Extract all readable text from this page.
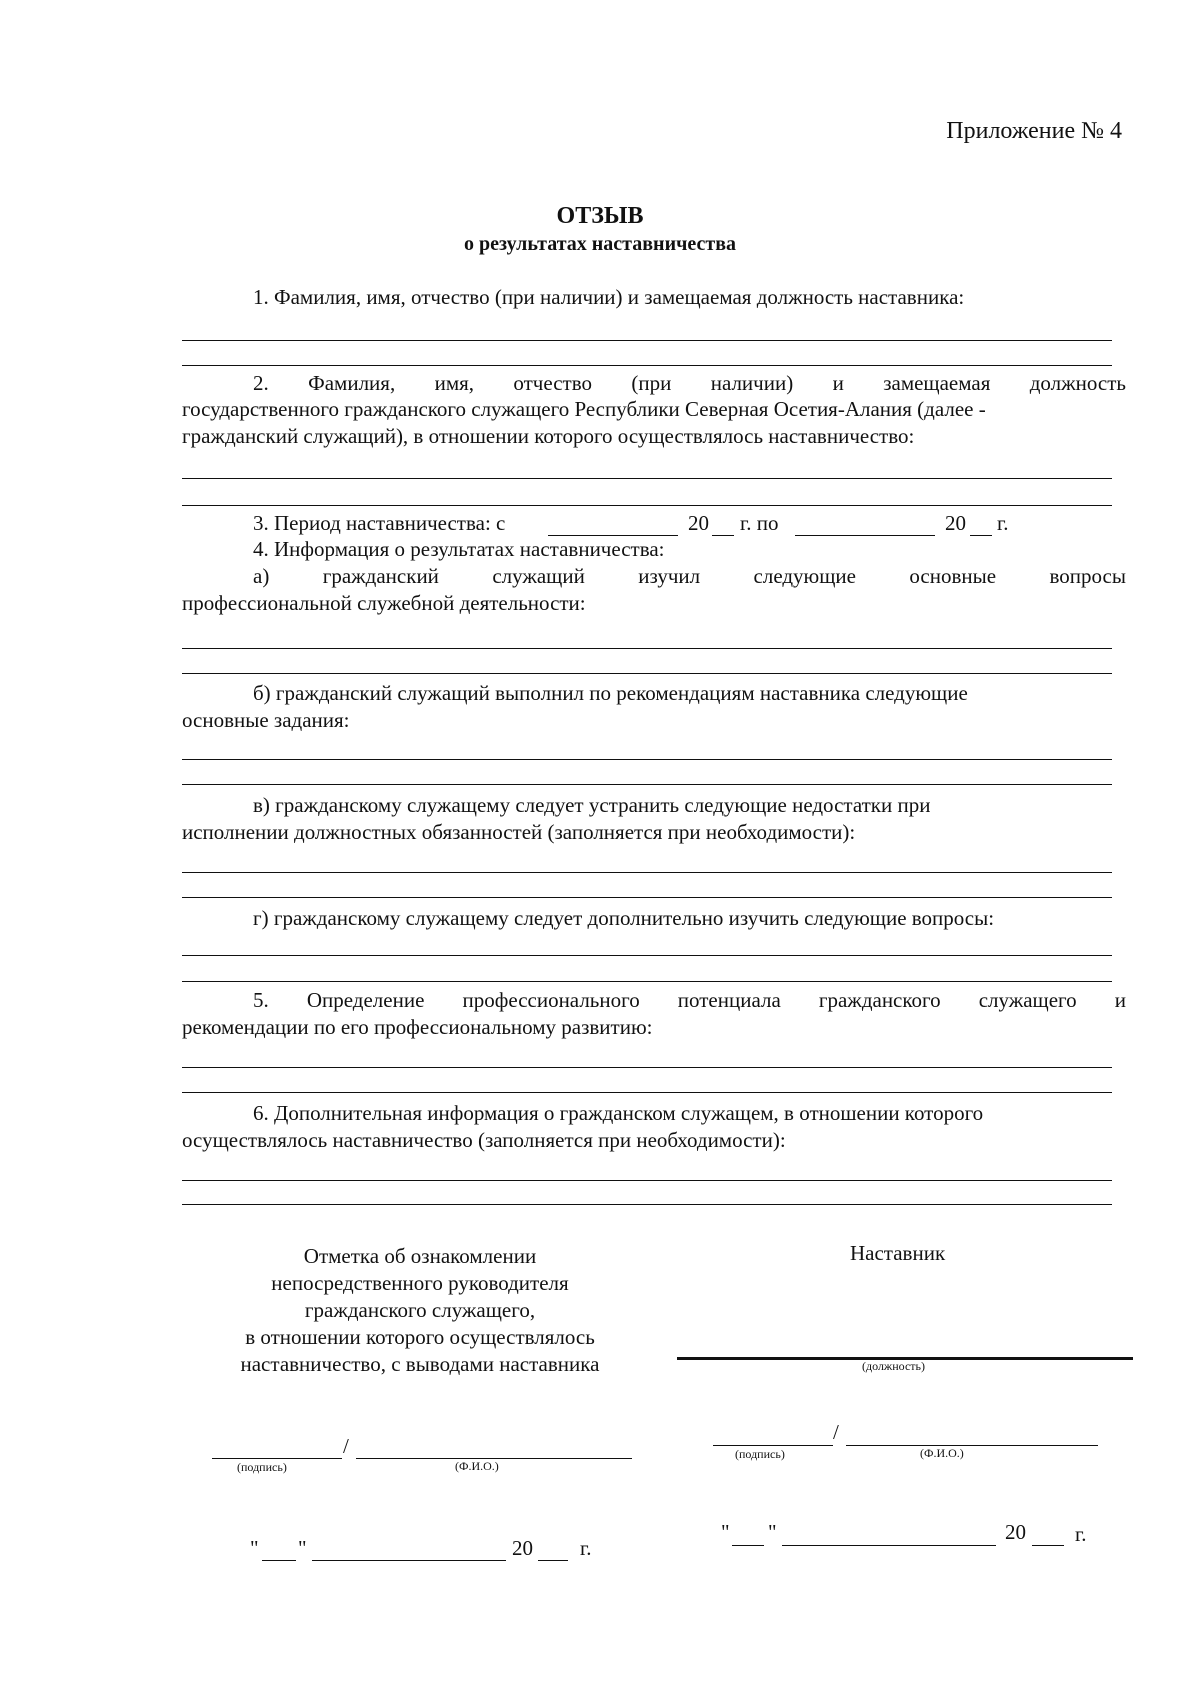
Приложение № 4
ОТЗЫВ
о результатах наставничества
1. Фамилия, имя, отчество (при наличии) и замещаемая должность наставника:
2. Фамилия, имя, отчество (при наличии) и замещаемая должность
государственного гражданского служащего Республики Северная Осетия-Алания (далее -
гражданский служащий), в отношении которого осуществлялось наставничество:
3. Период наставничества: с	20 г. по	20 г.
4. Информация о результатах наставничества:
а)	гражданский	служащий	изучил	следующие	основные	вопросы
профессиональной служебной деятельности:
б) гражданский служащий выполнил по рекомендациям наставника следующие
основные задания:
в) гражданскому служащему следует устранить следующие недостатки при
исполнении должностных обязанностей (заполняется при необходимости):
г) гражданскому служащему следует дополнительно изучить следующие вопросы:
5. Определение профессионального потенциала гражданского служащего и
рекомендации по его профессиональному развитию:
6. Дополнительная информация о гражданском служащем, в отношении которого
осуществлялось наставничество (заполняется при необходимости):
Отметка об ознакомлении
непосредственного руководителя
гражданского служащего,
в отношении которого осуществлялось
наставничество, с выводами наставника
Наставник
(должность)
/
(подпись)	(Ф.И.О.)
/
(подпись)	(Ф.И.О.)
" "	20 г.
" "	20 г.
